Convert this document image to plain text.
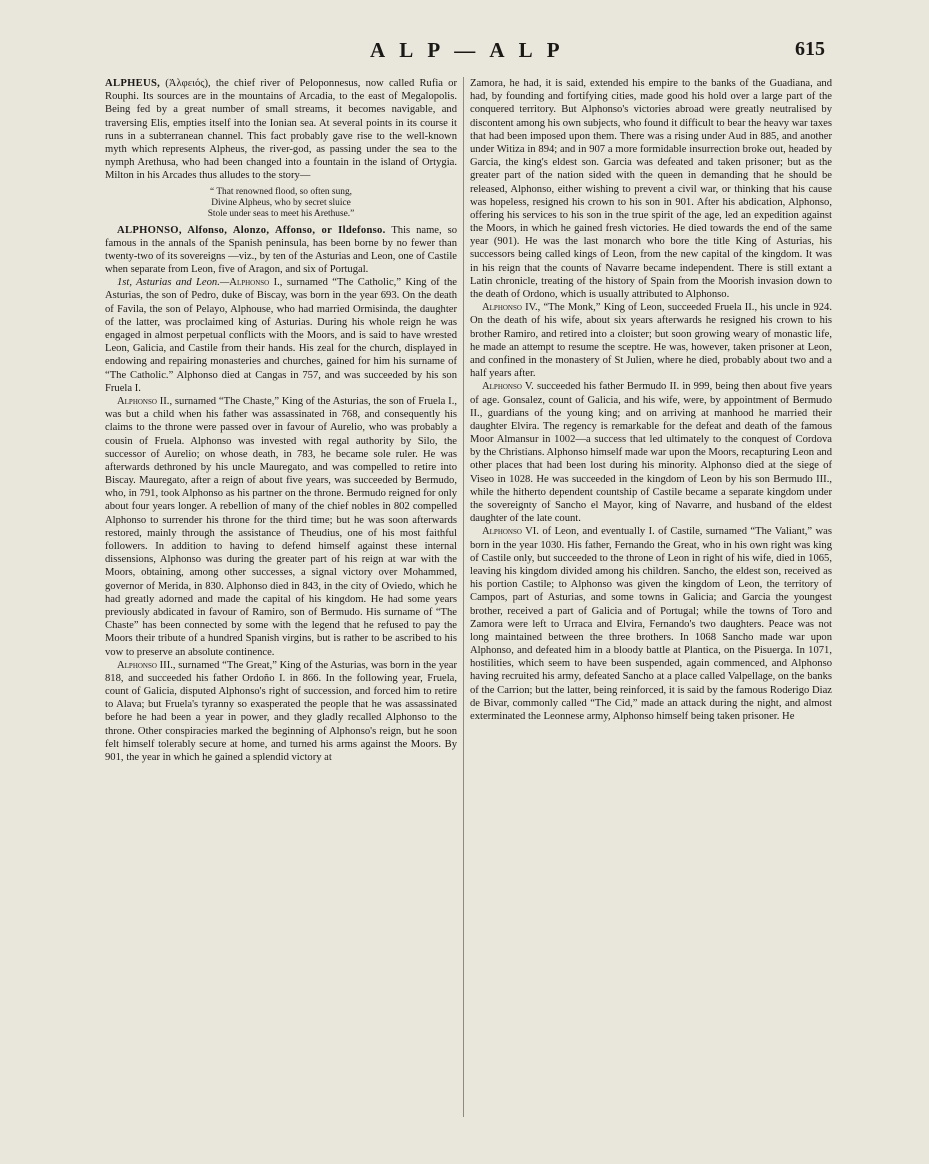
A L P — A L P	615

ALPHEUS, (Ἀλφειός), the chief river of Peloponnesus, now called Rufia or Rouphi. Its sources are in the mountains of Arcadia, to the east of Megalopolis. Being fed by a great number of small streams, it becomes navigable, and traversing Elis, empties itself into the Ionian sea. At several points in its course it runs in a subterranean channel. This fact probably gave rise to the well-known myth which represents Alpheus, the river-god, as passing under the sea to the nymph Arethusa, who had been changed into a fountain in the island of Ortygia. Milton in his Arcades thus alludes to the story—

“ That renowned flood, so often sung,
Divine Alpheus, who by secret sluice
Stole under seas to meet his Arethuse.”

ALPHONSO, Alfonso, Alonzo, Affonso, or Ildefonso. This name, so famous in the annals of the Spanish peninsula, has been borne by no fewer than twenty-two of its sovereigns —viz., by ten of the Asturias and Leon, one of Castile when separate from Leon, five of Aragon, and six of Portugal.

1st, Asturias and Leon.—Alphonso I., surnamed “The Catholic,” King of the Asturias, the son of Pedro, duke of Biscay, was born in the year 693. On the death of Favila, the son of Pelayo, Alphouse, who had married Ormisinda, the daughter of the latter, was proclaimed king of Asturias. During his whole reign he was engaged in almost perpetual conflicts with the Moors, and is said to have wrested Leon, Galicia, and Castile from their hands. His zeal for the church, displayed in endowing and repairing monasteries and churches, gained for him his surname of “The Catholic.” Alphonso died at Cangas in 757, and was succeeded by his son Fruela I.

Alphonso II., surnamed “The Chaste,” King of the Asturias, the son of Fruela I., was but a child when his father was assassinated in 768, and consequently his claims to the throne were passed over in favour of Aurelio, who was probably a cousin of Fruela. Alphonso was invested with regal authority by Silo, the successor of Aurelio; on whose death, in 783, he became sole ruler. He was afterwards dethroned by his uncle Mauregato, and was compelled to retire into Biscay. Mauregato, after a reign of about five years, was succeeded by Bermudo, who, in 791, took Alphonso as his partner on the throne. Bermudo reigned for only about four years longer. A rebellion of many of the chief nobles in 802 compelled Alphonso to surrender his throne for the third time; but he was soon afterwards restored, mainly through the assistance of Theudius, one of his most faithful followers. In addition to having to defend himself against these internal dissensions, Alphonso was during the greater part of his reign at war with the Moors, obtaining, among other successes, a signal victory over Mohammed, governor of Merida, in 830. Alphonso died in 843, in the city of Oviedo, which he had greatly adorned and made the capital of his kingdom. He had some years previously abdicated in favour of Ramiro, son of Bermudo. His surname of “The Chaste” has been connected by some with the legend that he refused to pay the Moors their tribute of a hundred Spanish virgins, but is rather to be ascribed to his vow to preserve an absolute continence.

Alphonso III., surnamed “The Great,” King of the Asturias, was born in the year 818, and succeeded his father Ordoño I. in 866. In the following year, Fruela, count of Galicia, disputed Alphonso's right of succession, and forced him to retire to Alava; but Fruela's tyranny so exasperated the people that he was assassinated before he had been a year in power, and they gladly recalled Alphonso to the throne. Other conspiracies marked the beginning of Alphonso's reign, but he soon felt himself tolerably secure at home, and turned his arms against the Moors. By 901, the year in which he gained a splendid victory at

Zamora, he had, it is said, extended his empire to the banks of the Guadiana, and had, by founding and fortifying cities, made good his hold over a large part of the conquered territory. But Alphonso's victories abroad were greatly neutralised by discontent among his own subjects, who found it difficult to bear the heavy war taxes that had been imposed upon them. There was a rising under Aud in 885, and another under Witiza in 894; and in 907 a more formidable insurrection broke out, headed by Garcia, the king's eldest son. Garcia was defeated and taken prisoner; but as the greater part of the nation sided with the queen in demanding that he should be released, Alphonso, either wishing to prevent a civil war, or thinking that his cause was hopeless, resigned his crown to his son in 901. After his abdication, Alphonso, offering his services to his son in the true spirit of the age, led an expedition against the Moors, in which he gained fresh victories. He died towards the end of the same year (901). He was the last monarch who bore the title King of Asturias, his successors being called kings of Leon, from the new capital of the kingdom. It was in his reign that the counts of Navarre became independent. There is still extant a Latin chronicle, treating of the history of Spain from the Moorish invasion down to the death of Ordono, which is usually attributed to Alphonso.

Alphonso IV., “The Monk,” King of Leon, succeeded Fruela II., his uncle in 924. On the death of his wife, about six years afterwards he resigned his crown to his brother Ramiro, and retired into a cloister; but soon growing weary of monastic life, he made an attempt to resume the sceptre. He was, however, taken prisoner at Leon, and confined in the monastery of St Julien, where he died, probably about two and a half years after.

Alphonso V. succeeded his father Bermudo II. in 999, being then about five years of age. Gonsalez, count of Galicia, and his wife, were, by appointment of Bermudo II., guardians of the young king; and on arriving at manhood he married their daughter Elvira. The regency is remarkable for the defeat and death of the famous Moor Almansur in 1002—a success that led ultimately to the conquest of Cordova by the Christians. Alphonso himself made war upon the Moors, recapturing Leon and other places that had been lost during his minority. Alphonso died at the siege of Viseo in 1028. He was succeeded in the kingdom of Leon by his son Bermudo III., while the hitherto dependent countship of Castile became a separate kingdom under the sovereignty of Sancho el Mayor, king of Navarre, and husband of the eldest daughter of the late count.

Alphonso VI. of Leon, and eventually I. of Castile, surnamed “The Valiant,” was born in the year 1030. His father, Fernando the Great, who in his own right was king of Castile only, but succeeded to the throne of Leon in right of his wife, died in 1065, leaving his kingdom divided among his children. Sancho, the eldest son, received as his portion Castile; to Alphonso was given the kingdom of Leon, the territory of Campos, part of Asturias, and some towns in Galicia; and Garcia the youngest brother, received a part of Galicia and of Portugal; while the towns of Toro and Zamora were left to Urraca and Elvira, Fernando's two daughters. Peace was not long maintained between the three brothers. In 1068 Sancho made war upon Alphonso, and defeated him in a bloody battle at Plantica, on the Pisuerga. In 1071, hostilities, which seem to have been suspended, again commenced, and Alphonso having recruited his army, defeated Sancho at a place called Valpellage, on the banks of the Carrion; but the latter, being reinforced, it is said by the famous Roderigo Diaz de Bivar, commonly called “The Cid,” made an attack during the night, and almost exterminated the Leonnese army, Alphonso himself being taken prisoner. He
